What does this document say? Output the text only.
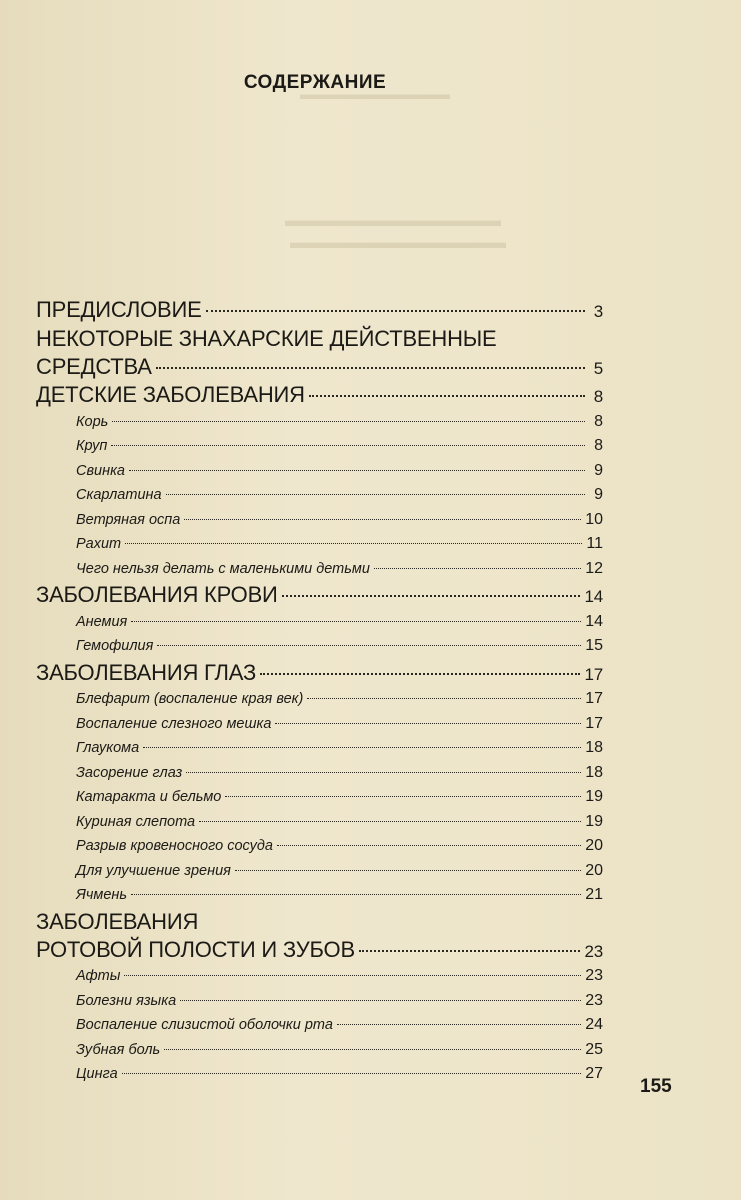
▬▬▬▬▬▬▬▬▬▬
▬▬▬▬▬▬▬▬▬▬▬▬
▬▬▬▬▬▬▬▬▬▬▬▬
СОДЕРЖАНИЕ
ПРЕДИСЛОВИЕ	3
НЕКОТОРЫЕ ЗНАХАРСКИЕ ДЕЙСТВЕННЫЕ
СРЕДСТВА	5
ДЕТСКИЕ ЗАБОЛЕВАНИЯ	8
Корь	8
Круп	8
Свинка	9
Скарлатина	9
Ветряная оспа	10
Рахит	11
Чего нельзя делать с маленькими детьми	12
ЗАБОЛЕВАНИЯ КРОВИ	14
Анемия	14
Гемофилия	15
ЗАБОЛЕВАНИЯ ГЛАЗ	17
Блефарит (воспаление края век)	17
Воспаление слезного мешка	17
Глаукома	18
Засорение глаз	18
Катаракта и бельмо	19
Куриная слепота	19
Разрыв кровеносного сосуда	20
Для улучшение зрения	20
Ячмень	21
ЗАБОЛЕВАНИЯ
РОТОВОЙ ПОЛОСТИ И ЗУБОВ	23
Афты	23
Болезни языка	23
Воспаление слизистой оболочки рта	24
Зубная боль	25
Цинга	27
155
